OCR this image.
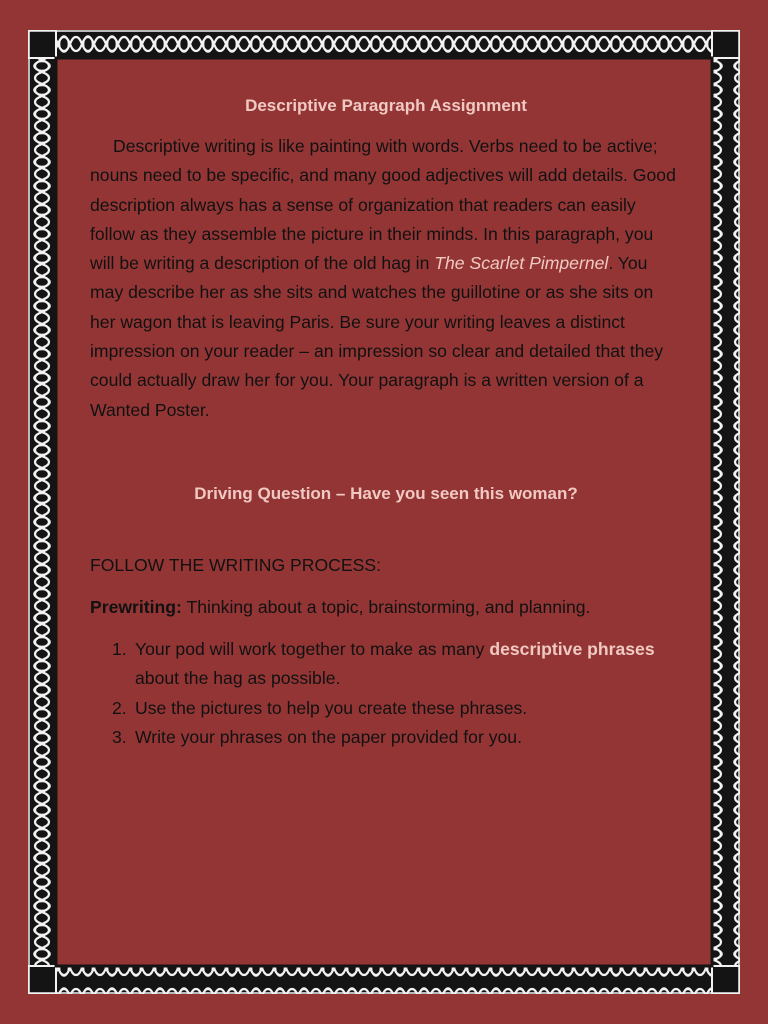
Descriptive Paragraph Assignment

Descriptive writing is like painting with words. Verbs need to be active; nouns need to be specific, and many good adjectives will add details. Good description always has a sense of organization that readers can easily follow as they assemble the picture in their minds. In this paragraph, you will be writing a description of the old hag in The Scarlet Pimpernel. You may describe her as she sits and watches the guillotine or as she sits on her wagon that is leaving Paris. Be sure your writing leaves a distinct impression on your reader – an impression so clear and detailed that they could actually draw her for you. Your paragraph is a written version of a Wanted Poster.

Driving Question – Have you seen this woman?

FOLLOW THE WRITING PROCESS:

Prewriting: Thinking about a topic, brainstorming, and planning.

1. Your pod will work together to make as many descriptive phrases about the hag as possible.
2. Use the pictures to help you create these phrases.
3. Write your phrases on the paper provided for you.
